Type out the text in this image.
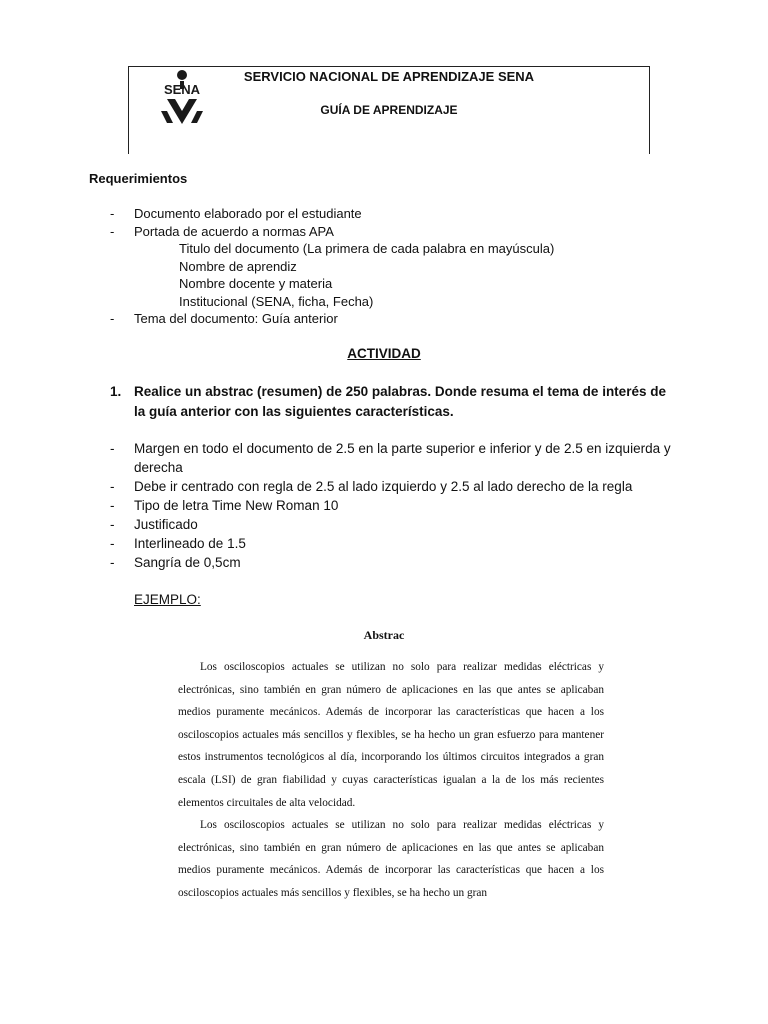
SENA
SERVICIO NACIONAL DE APRENDIZAJE SENA
GUÍA DE APRENDIZAJE
Requerimientos
- Documento elaborado por el estudiante
- Portada de acuerdo a normas APA
Titulo del documento (La primera de cada palabra en mayúscula)
Nombre de aprendiz
Nombre docente y materia
Institucional (SENA, ficha, Fecha)
- Tema del documento: Guía anterior
ACTIVIDAD
1. Realice un abstrac (resumen) de 250 palabras. Donde resuma el tema de interés de la guía anterior con las siguientes características.
- Margen en todo el documento de 2.5 en la parte superior e inferior y de 2.5 en izquierda y derecha
- Debe ir centrado con regla de 2.5 al lado izquierdo y 2.5 al lado derecho de la regla
- Tipo de letra Time New Roman 10
- Justificado
- Interlineado de 1.5
- Sangría de 0,5cm
EJEMPLO:
Abstrac

Los osciloscopios actuales se utilizan no solo para realizar medidas eléctricas y electrónicas, sino también en gran número de aplicaciones en las que antes se aplicaban medios puramente mecánicos. Además de incorporar las características que hacen a los osciloscopios actuales más sencillos y flexibles, se ha hecho un gran esfuerzo para mantener estos instrumentos tecnológicos al día, incorporando los últimos circuitos integrados a gran escala (LSI) de gran fiabilidad y cuyas características igualan a la de los más recientes elementos circuitales de alta velocidad.

Los osciloscopios actuales se utilizan no solo para realizar medidas eléctricas y electrónicas, sino también en gran número de aplicaciones en las que antes se aplicaban medios puramente mecánicos. Además de incorporar las características que hacen a los osciloscopios actuales más sencillos y flexibles, se ha hecho un gran
